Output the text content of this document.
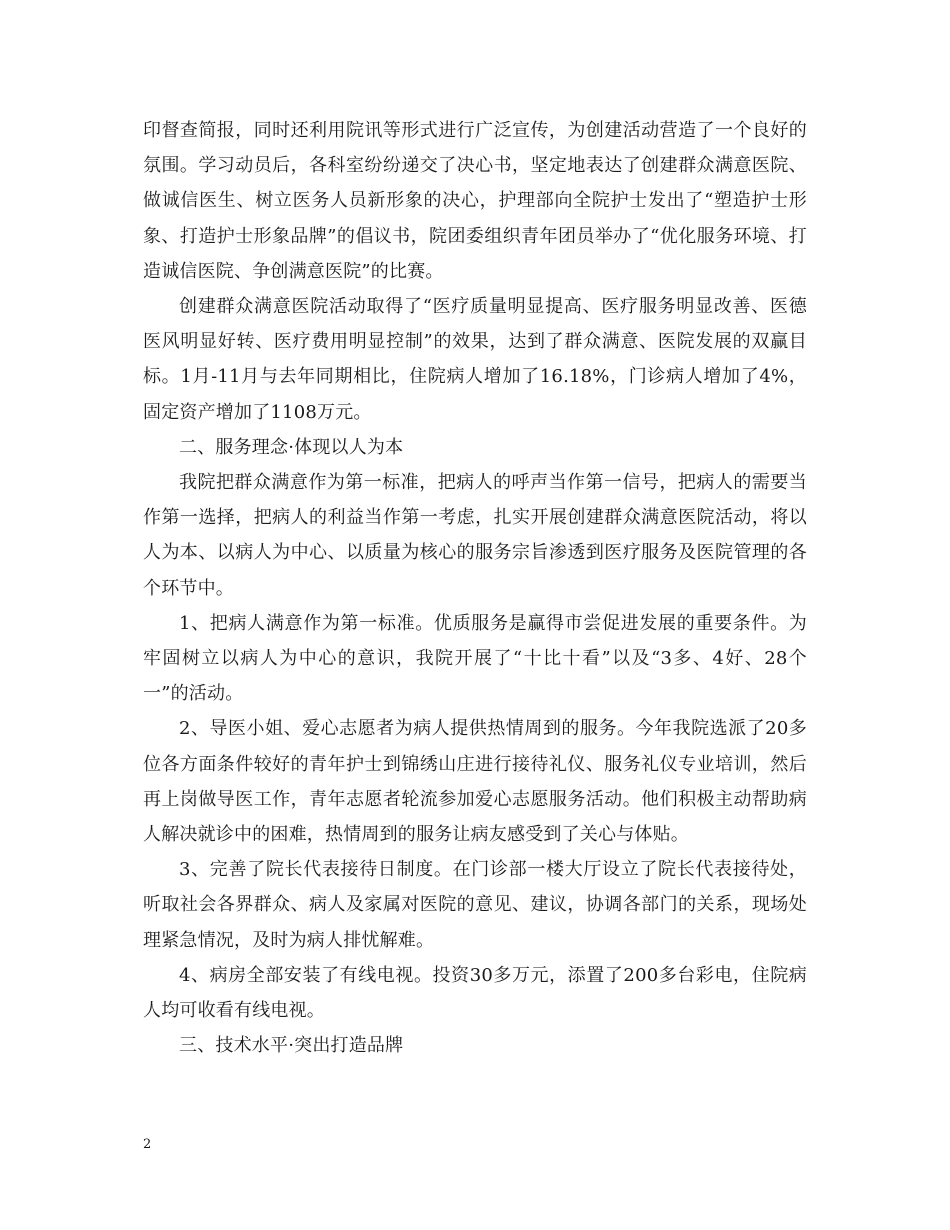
印督查简报，同时还利用院讯等形式进行广泛宣传，为创建活动营造了一个良好的氛围。学习动员后，各科室纷纷递交了决心书，坚定地表达了创建群众满意医院、做诚信医生、树立医务人员新形象的决心，护理部向全院护士发出了“塑造护士形象、打造护士形象品牌”的倡议书，院团委组织青年团员举办了“优化服务环境、打造诚信医院、争创满意医院”的比赛。

创建群众满意医院活动取得了“医疗质量明显提高、医疗服务明显改善、医德医风明显好转、医疗费用明显控制”的效果，达到了群众满意、医院发展的双赢目标。1月-11月与去年同期相比，住院病人增加了16.18%，门诊病人增加了4%，固定资产增加了1108万元。

二、服务理念·体现以人为本

我院把群众满意作为第一标准，把病人的呼声当作第一信号，把病人的需要当作第一选择，把病人的利益当作第一考虑，扎实开展创建群众满意医院活动，将以人为本、以病人为中心、以质量为核心的服务宗旨渗透到医疗服务及医院管理的各个环节中。

1、把病人满意作为第一标准。优质服务是赢得市尝促进发展的重要条件。为牢固树立以病人为中心的意识，我院开展了“十比十看”以及“3多、4好、28个一”的活动。

2、导医小姐、爱心志愿者为病人提供热情周到的服务。今年我院选派了20多位各方面条件较好的青年护士到锦绣山庄进行接待礼仪、服务礼仪专业培训，然后再上岗做导医工作，青年志愿者轮流参加爱心志愿服务活动。他们积极主动帮助病人解决就诊中的困难，热情周到的服务让病友感受到了关心与体贴。

3、完善了院长代表接待日制度。在门诊部一楼大厅设立了院长代表接待处，听取社会各界群众、病人及家属对医院的意见、建议，协调各部门的关系，现场处理紧急情况，及时为病人排忧解难。

4、病房全部安装了有线电视。投资30多万元，添置了200多台彩电，住院病人均可收看有线电视。

三、技术水平·突出打造品牌

2
